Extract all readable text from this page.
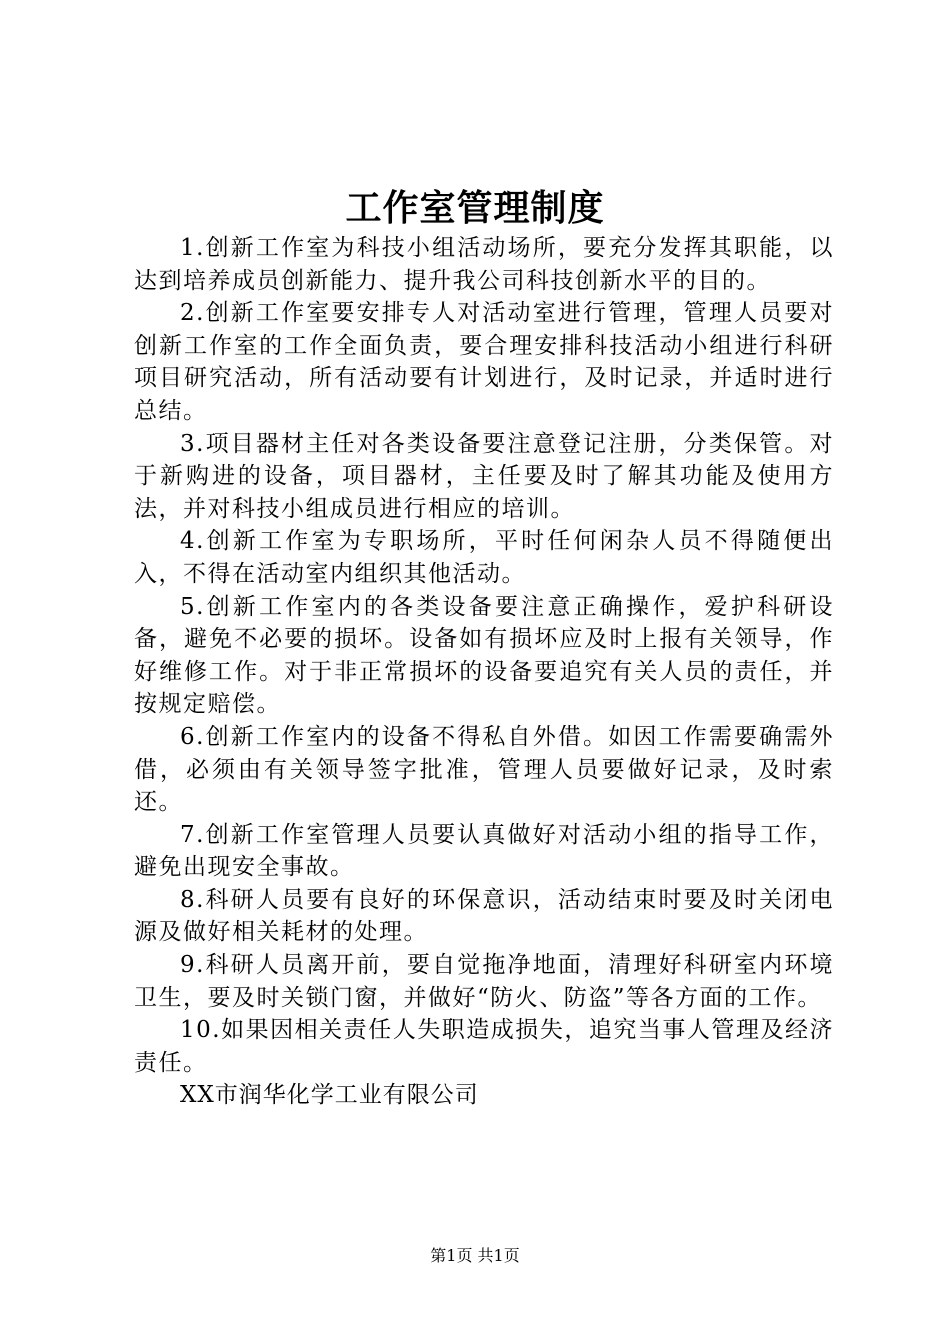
工作室管理制度

1.创新工作室为科技小组活动场所，要充分发挥其职能，以达到培养成员创新能力、提升我公司科技创新水平的目的。

2.创新工作室要安排专人对活动室进行管理，管理人员要对创新工作室的工作全面负责，要合理安排科技活动小组进行科研项目研究活动，所有活动要有计划进行，及时记录，并适时进行总结。

3.项目器材主任对各类设备要注意登记注册，分类保管。对于新购进的设备，项目器材，主任要及时了解其功能及使用方法，并对科技小组成员进行相应的培训。

4.创新工作室为专职场所，平时任何闲杂人员不得随便出入，不得在活动室内组织其他活动。

5.创新工作室内的各类设备要注意正确操作，爱护科研设备，避免不必要的损坏。设备如有损坏应及时上报有关领导，作好维修工作。对于非正常损坏的设备要追究有关人员的责任，并按规定赔偿。

6.创新工作室内的设备不得私自外借。如因工作需要确需外借，必须由有关领导签字批准，管理人员要做好记录，及时索还。

7.创新工作室管理人员要认真做好对活动小组的指导工作，避免出现安全事故。

8.科研人员要有良好的环保意识，活动结束时要及时关闭电源及做好相关耗材的处理。

9.科研人员离开前，要自觉拖净地面，清理好科研室内环境卫生，要及时关锁门窗，并做好“防火、防盗”等各方面的工作。

10.如果因相关责任人失职造成损失，追究当事人管理及经济责任。

XX市润华化学工业有限公司

第1页 共1页
